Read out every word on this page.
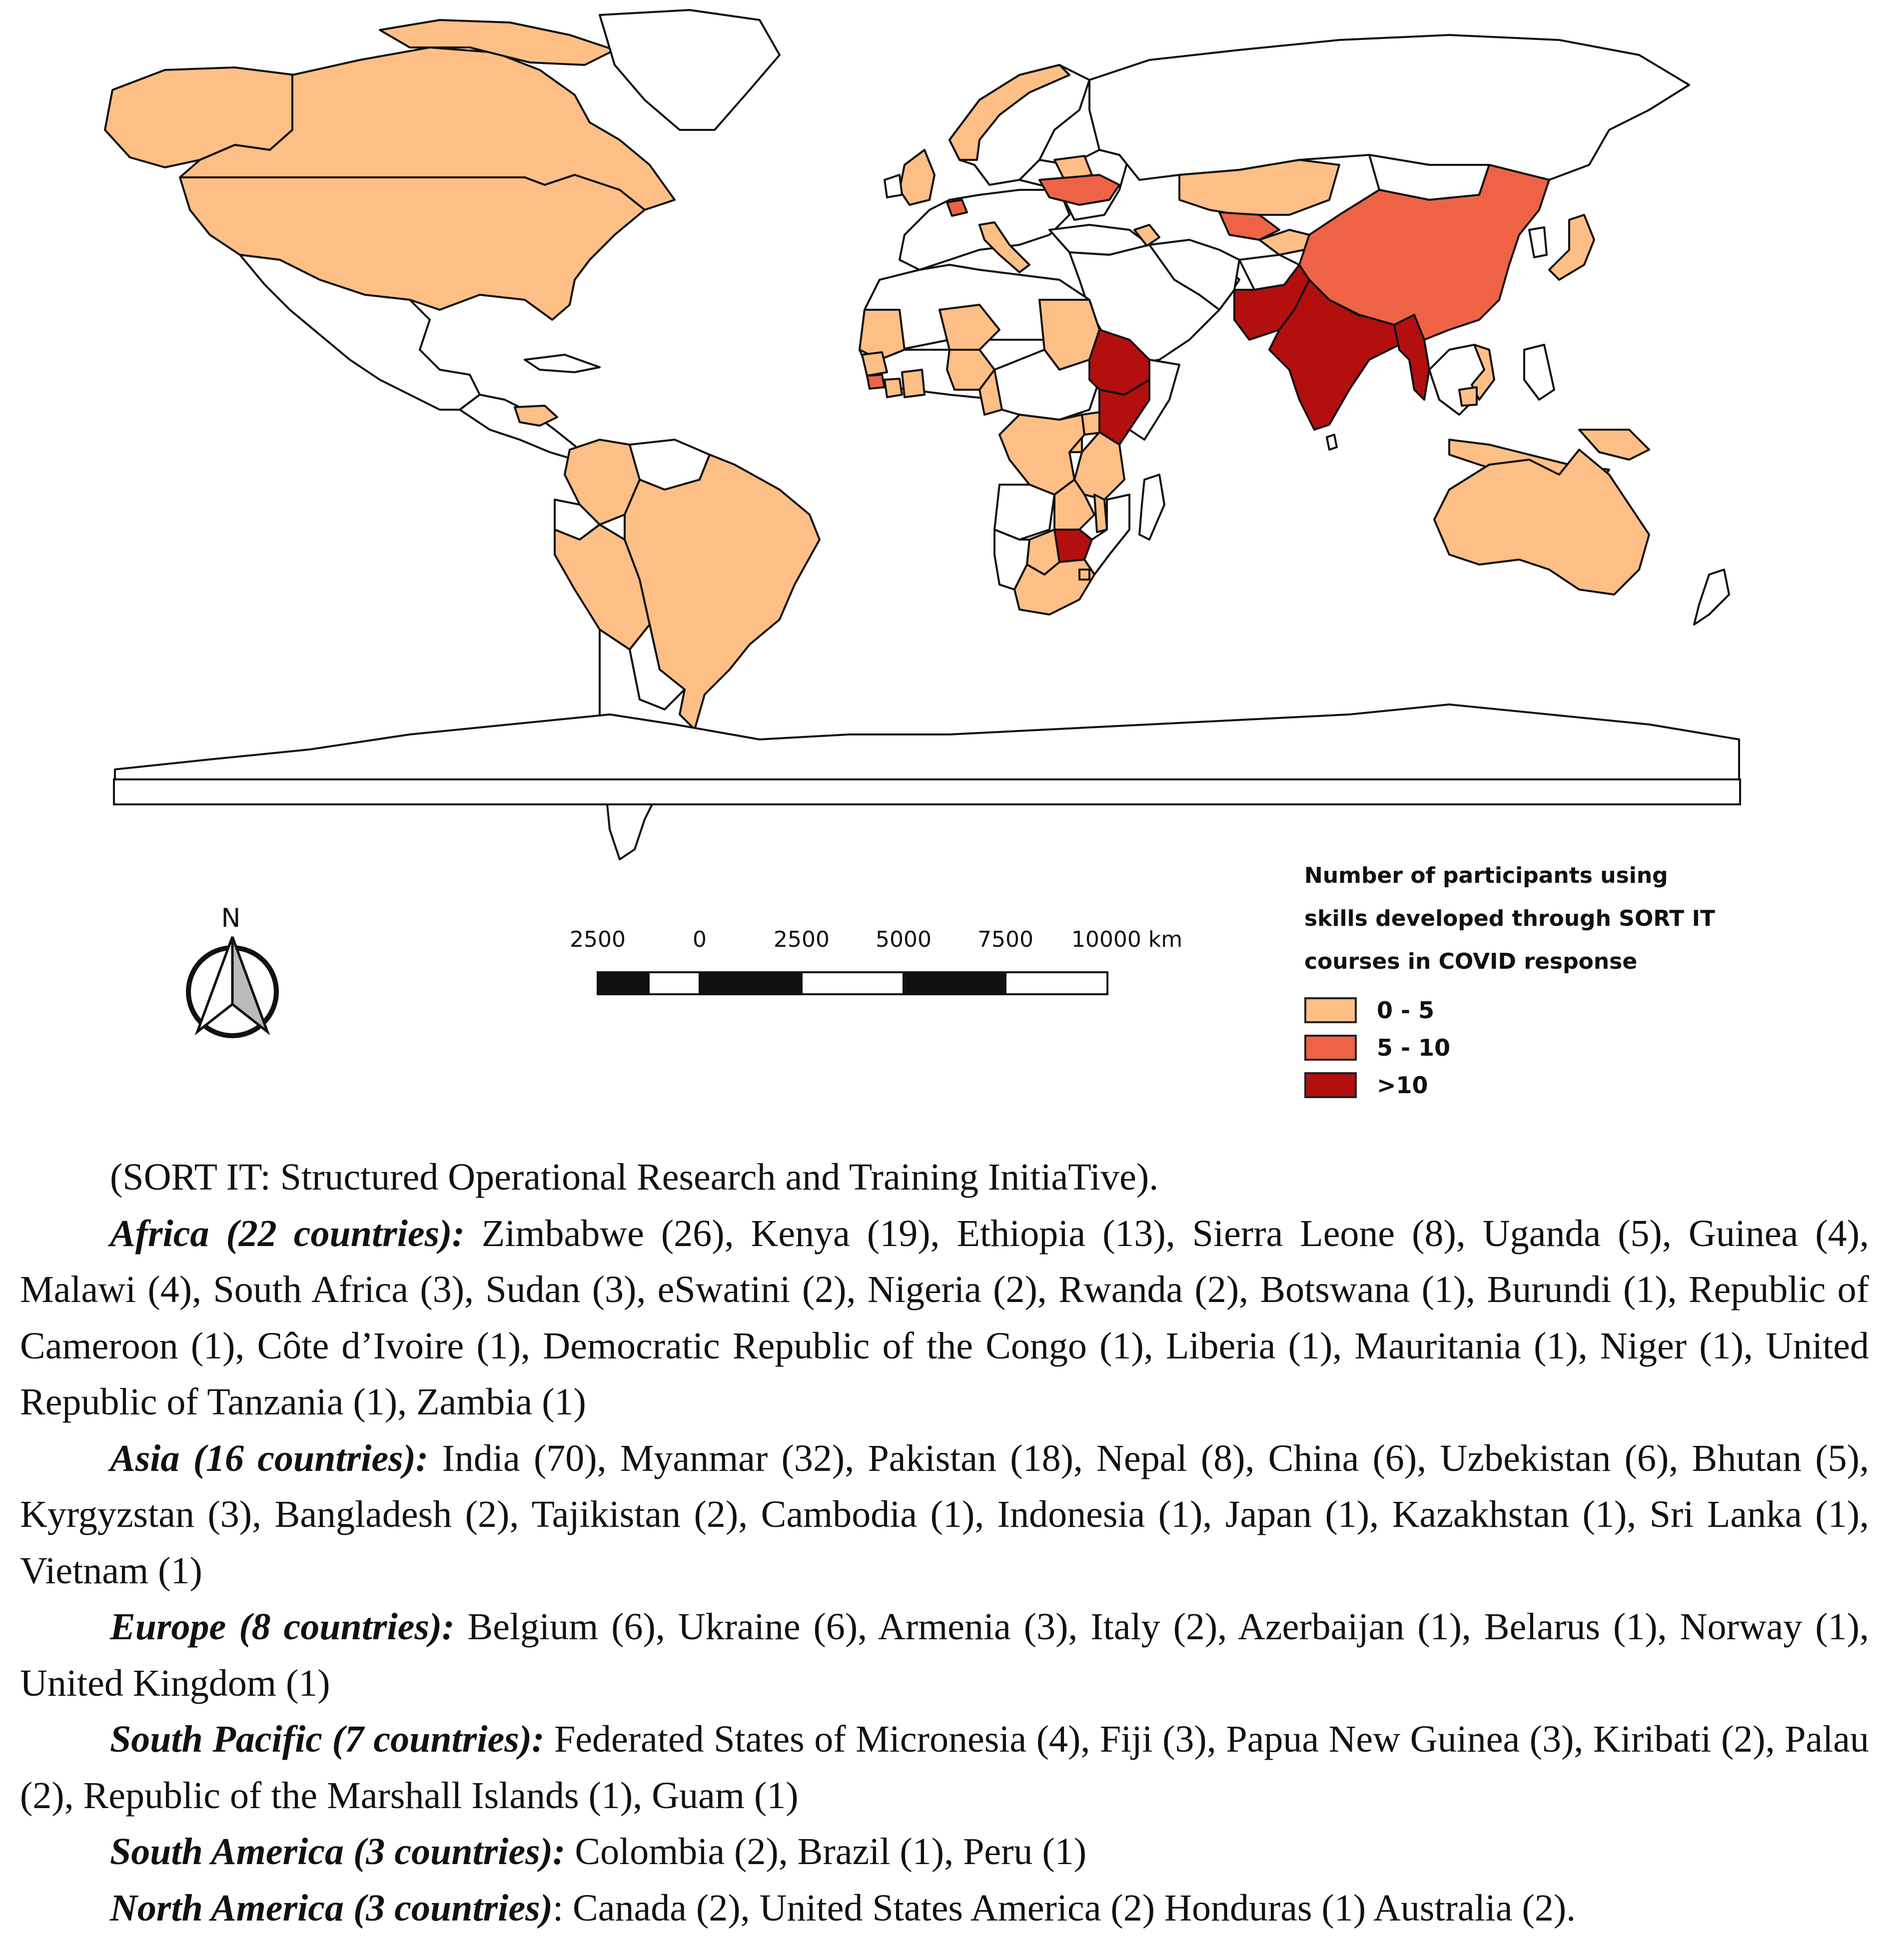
N
2500	0	2500 5000 7500 10000 km
Number of participants using
skills developed through SORT IT
courses in COVID response
0 - 5
5 - 10
>10

(SORT IT: Structured Operational Research and Training InitiaTive).

Africa (22 countries): Zimbabwe (26), Kenya (19), Ethiopia (13), Sierra Leone (8), Uganda (5), Guinea (4), Malawi (4), South Africa (3), Sudan (3), eSwatini (2), Nigeria (2), Rwanda (2), Botswana (1), Burundi (1), Republic of Cameroon (1), Côte d’Ivoire (1), Democratic Republic of the Congo (1), Liberia (1), Mauritania (1), Niger (1), United Republic of Tanzania (1), Zambia (1)

Asia (16 countries): India (70), Myanmar (32), Pakistan (18), Nepal (8), China (6), Uzbekistan (6), Bhutan (5), Kyrgyzstan (3), Bangladesh (2), Tajikistan (2), Cambodia (1), Indonesia (1), Japan (1), Kazakhstan (1), Sri Lanka (1), Vietnam (1)

Europe (8 countries): Belgium (6), Ukraine (6), Armenia (3), Italy (2), Azerbaijan (1), Belarus (1), Norway (1), United Kingdom (1)

South Pacific (7 countries): Federated States of Micronesia (4), Fiji (3), Papua New Guinea (3), Kiribati (2), Palau (2), Republic of the Marshall Islands (1), Guam (1)

South America (3 countries): Colombia (2), Brazil (1), Peru (1)

North America (3 countries): Canada (2), United States America (2) Honduras (1) Australia (2).
